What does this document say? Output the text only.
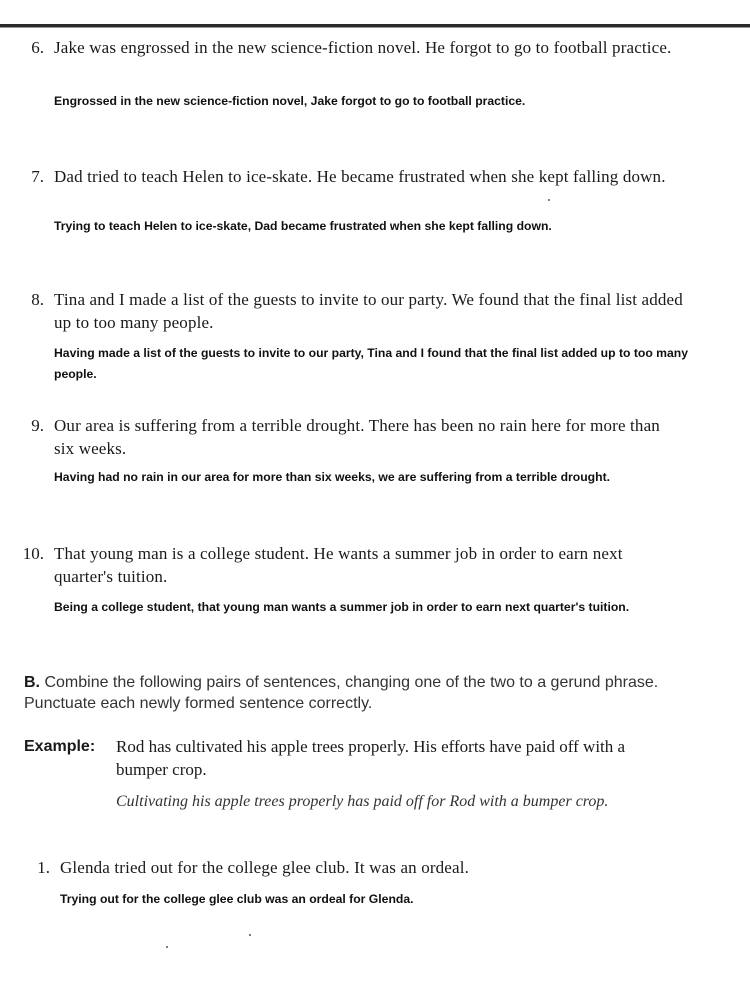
6. Jake was engrossed in the new science-fiction novel. He forgot to go to football practice.
Engrossed in the new science-fiction novel, Jake forgot to go to football practice.
7. Dad tried to teach Helen to ice-skate. He became frustrated when she kept falling down.
Trying to teach Helen to ice-skate, Dad became frustrated when she kept falling down.
8. Tina and I made a list of the guests to invite to our party. We found that the final list added up to too many people.
Having made a list of the guests to invite to our party, Tina and I found that the final list added up to too many people.
9. Our area is suffering from a terrible drought. There has been no rain here for more than six weeks.
Having had no rain in our area for more than six weeks, we are suffering from a terrible drought.
10. That young man is a college student. He wants a summer job in order to earn next quarter's tuition.
Being a college student, that young man wants a summer job in order to earn next quarter's tuition.
B. Combine the following pairs of sentences, changing one of the two to a gerund phrase. Punctuate each newly formed sentence correctly.
Example: Rod has cultivated his apple trees properly. His efforts have paid off with a bumper crop.
Cultivating his apple trees properly has paid off for Rod with a bumper crop.
1. Glenda tried out for the college glee club. It was an ordeal.
Trying out for the college glee club was an ordeal for Glenda.
